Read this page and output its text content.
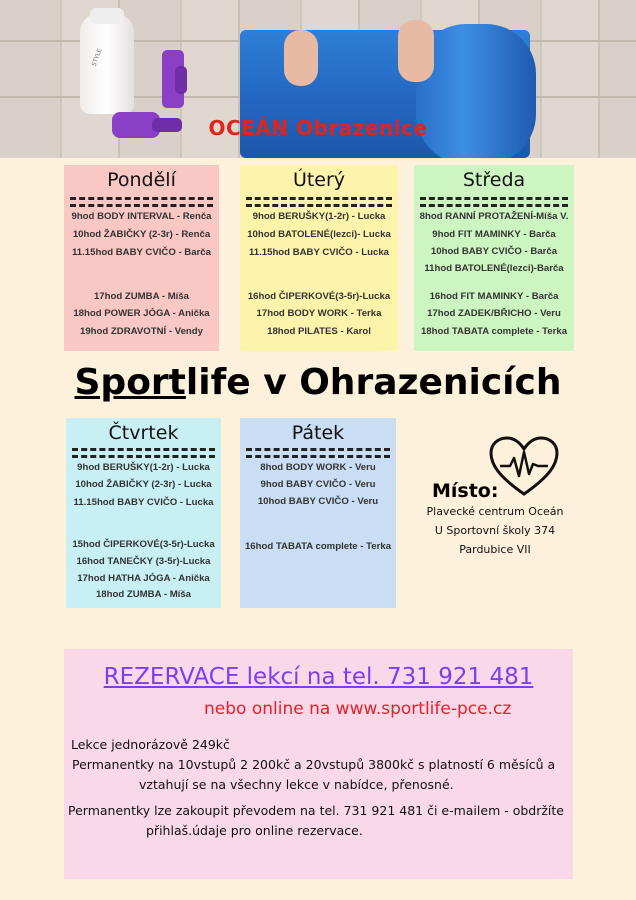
STYLE
OCEÁN Obrazenice
Pondělí
9hod BODY INTERVAL - Renča
10hod ŽABIČKY (2-3r) - Renča
11.15hod BABY CVIČO - Barča
17hod ZUMBA - Míša
18hod POWER JÓGA - Anička
19hod ZDRAVOTNÍ - Vendy
Úterý
9hod BERUŠKY(1-2r) - Lucka
10hod BATOLENÉ(lezci)- Lucka
11.15hod BABY CVIČO - Lucka
16hod ČIPERKOVÉ(3-5r)-Lucka
17hod BODY WORK - Terka
18hod PILATES - Karol
Středa
8hod RANNÍ PROTAŽENÍ-Míša V.
9hod FIT MAMINKY - Barča
10hod BABY CVIČO - Barča
11hod BATOLENÉ(lezci)-Barča
16hod FIT MAMINKY - Barča
17hod ZADEK/BŘICHO - Veru
18hod TABATA complete - Terka
Sportlife v Ohrazenicích
Čtvrtek
9hod BERUŠKY(1-2r) - Lucka
10hod ŽABIČKY (2-3r) - Lucka
11.15hod BABY CVIČO - Lucka
15hod ČIPERKOVÉ(3-5r)-Lucka
16hod TANEČKY (3-5r)-Lucka
17hod HATHA JÓGA - Anička
18hod ZUMBA - Míša
Pátek
8hod BODY WORK - Veru
9hod BABY CVIČO - Veru
10hod BABY CVIČO - Veru
16hod TABATA complete - Terka
Místo:
Plavecké centrum Oceán
U Sportovní školy 374
Pardubice VII
REZERVACE lekcí na tel. 731 921 481
nebo online na www.sportlife-pce.cz
Lekce jednorázově 249kč
Permanentky na 10vstupů 2 200kč a 20vstupů 3800kč s platností 6 měsíců a
vztahují se na všechny lekce v nabídce, přenosné.
Permanentky lze zakoupit převodem na tel. 731 921 481 či e-mailem - obdržíte
přihlaš.údaje pro online rezervace.
